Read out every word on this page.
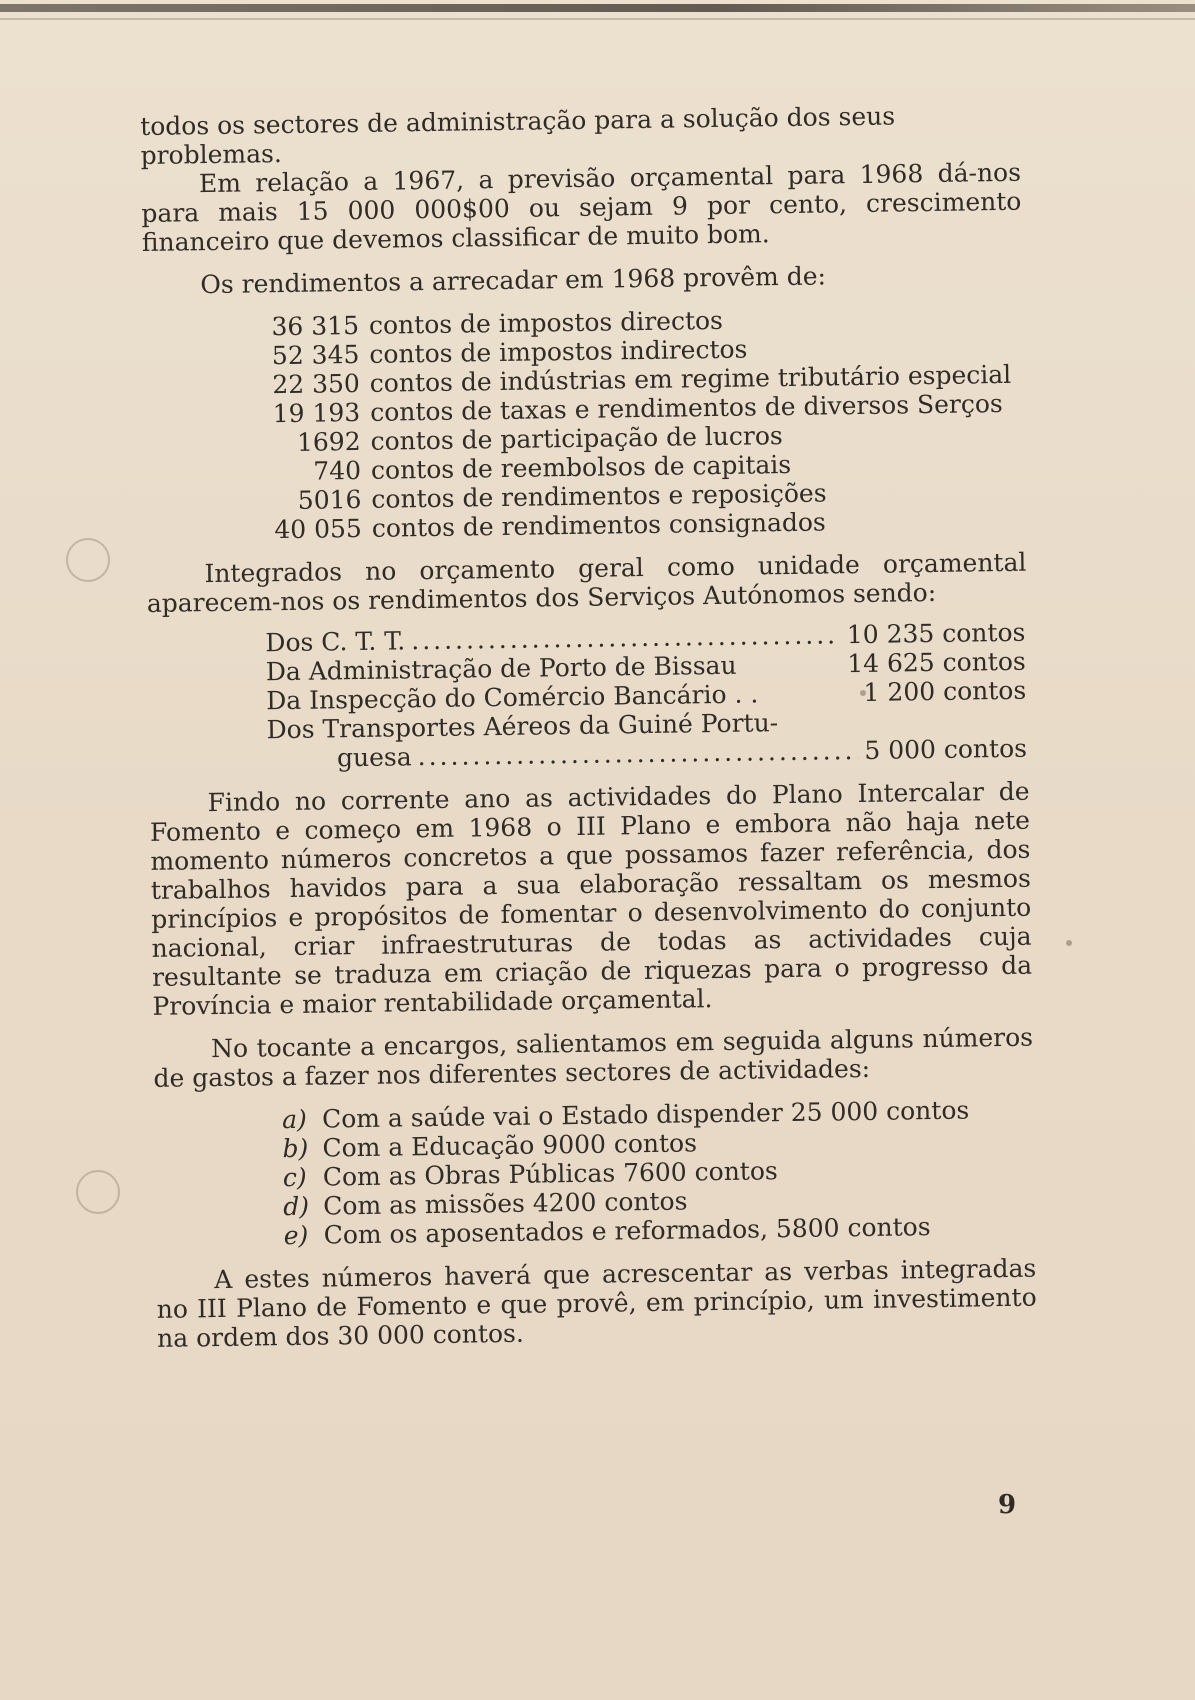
todos os sectores de administração para a solução dos seus problemas.

Em relação a 1967, a previsão orçamental para 1968 dá-nos para mais 15 000 000$00 ou sejam 9 por cento, crescimento financeiro que devemos classificar de muito bom.

Os rendimentos a arrecadar em 1968 provêm de:

36 315 contos de impostos directos
52 345 contos de impostos indirectos
22 350 contos de indústrias em regime tributário especial
19 193 contos de taxas e rendimentos de diversos Serços
1692 contos de participação de lucros
740 contos de reembolsos de capitais
5016 contos de rendimentos e reposições
40 055 contos de rendimentos consignados

Integrados no orçamento geral como unidade orçamental aparecem-nos os rendimentos dos Serviços Autónomos sendo:

Dos C. T. T. .....	10 235 contos
Da Administração de Porto de Bissau	14 625 contos
Da Inspecção do Comércio Bancário . .	1 200 contos
Dos Transportes Aéreos da Guiné Portu-
guesa .....	5 000 contos

Findo no corrente ano as actividades do Plano Intercalar de Fomento e começo em 1968 o III Plano e embora não haja nete momento números concretos a que possamos fazer referência, dos trabalhos havidos para a sua elaboração ressaltam os mesmos princípios e propósitos de fomentar o desenvolvimento do conjunto nacional, criar infraestruturas de todas as actividades cuja resultante se traduza em criação de riquezas para o progresso da Província e maior rentabilidade orçamental.

No tocante a encargos, salientamos em seguida alguns números de gastos a fazer nos diferentes sectores de actividades:

a) Com a saúde vai o Estado dispender 25 000 contos
b) Com a Educação 9000 contos
c) Com as Obras Públicas 7600 contos
d) Com as missões 4200 contos
e) Com os aposentados e reformados, 5800 contos

A estes números haverá que acrescentar as verbas integradas no III Plano de Fomento e que provê, em princípio, um investimento na ordem dos 30 000 contos.

9
